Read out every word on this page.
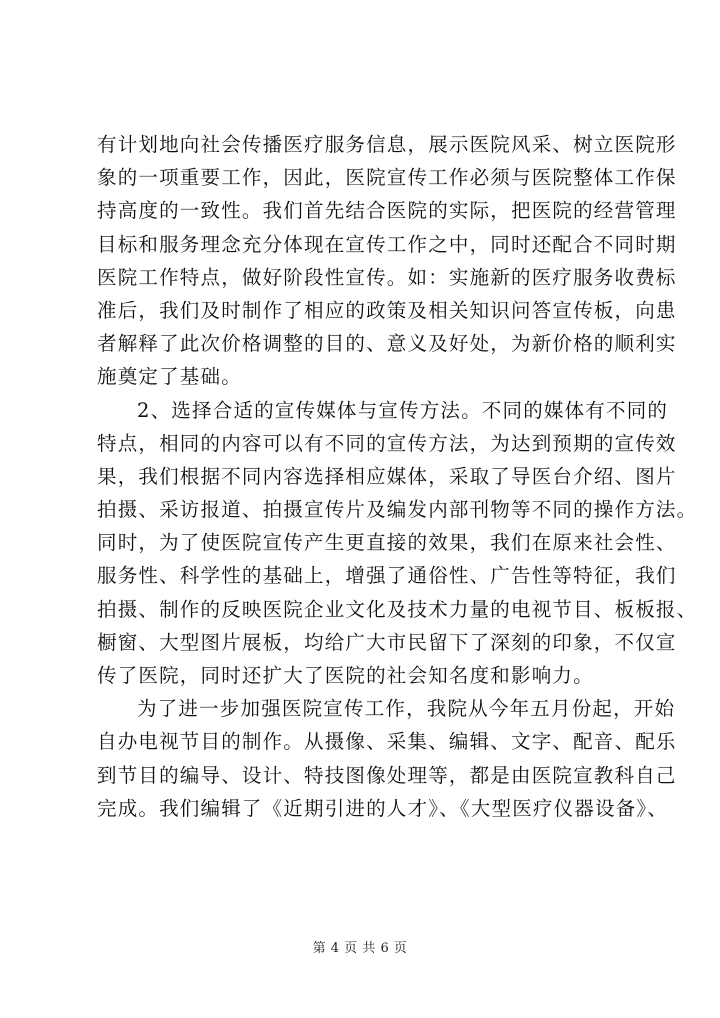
有计划地向社会传播医疗服务信息，展示医院风采、树立医院形
象的一项重要工作，因此，医院宣传工作必须与医院整体工作保
持高度的一致性。我们首先结合医院的实际，把医院的经营管理
目标和服务理念充分体现在宣传工作之中，同时还配合不同时期
医院工作特点，做好阶段性宣传。如：实施新的医疗服务收费标
准后，我们及时制作了相应的政策及相关知识问答宣传板，向患
者解释了此次价格调整的目的、意义及好处，为新价格的顺利实
施奠定了基础。
2、选择合适的宣传媒体与宣传方法。不同的媒体有不同的
特点，相同的内容可以有不同的宣传方法，为达到预期的宣传效
果，我们根据不同内容选择相应媒体，采取了导医台介绍、图片
拍摄、采访报道、拍摄宣传片及编发内部刊物等不同的操作方法。
同时，为了使医院宣传产生更直接的效果，我们在原来社会性、
服务性、科学性的基础上，增强了通俗性、广告性等特征，我们
拍摄、制作的反映医院企业文化及技术力量的电视节目、板板报、
橱窗、大型图片展板，均给广大市民留下了深刻的印象，不仅宣
传了医院，同时还扩大了医院的社会知名度和影响力。
为了进一步加强医院宣传工作，我院从今年五月份起，开始
自办电视节目的制作。从摄像、采集、编辑、文字、配音、配乐
到节目的编导、设计、特技图像处理等，都是由医院宣教科自己
完成。我们编辑了《近期引进的人才》、《大型医疗仪器设备》、
第 4 页 共 6 页
